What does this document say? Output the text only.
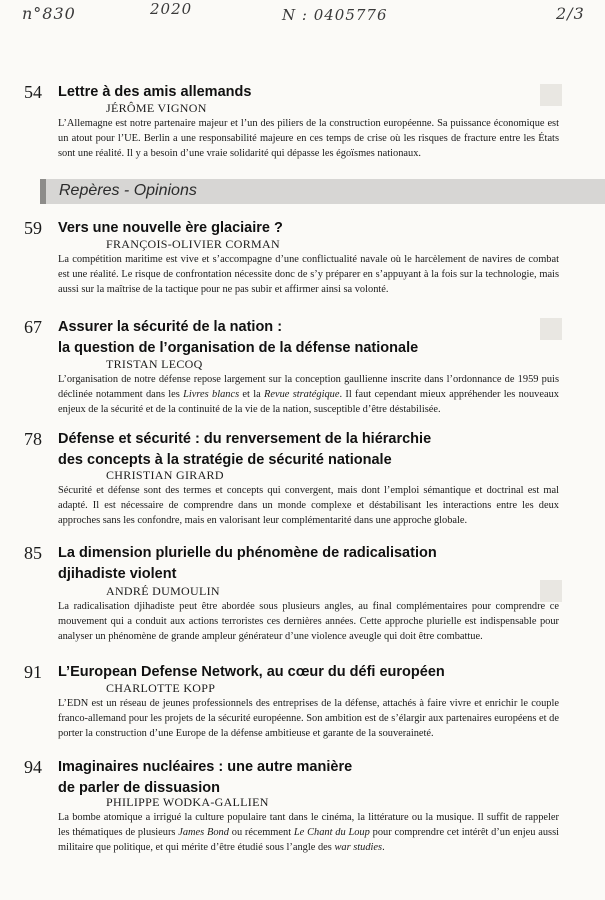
n°830	2020	N : 0405776	2/3
54 Lettre à des amis allemands
JÉRÔME VIGNON

L’Allemagne est notre partenaire majeur et l’un des piliers de la construction européenne. Sa puissance économique est un atout pour l’UE. Berlin a une responsabilité majeure en ces temps de crise où les risques de fracture entre les États sont une réalité. Il y a besoin d’une vraie solidarité qui dépasse les égoïsmes nationaux.

Repères - Opinions
59 Vers une nouvelle ère glaciaire ?
FRANÇOIS-OLIVIER CORMAN

La compétition maritime est vive et s’accompagne d’une conflictualité navale où le harcèlement de navires de combat est une réalité. Le risque de confrontation nécessite donc de s’y préparer en s’appuyant à la fois sur la technologie, mais aussi sur la maîtrise de la tactique pour ne pas subir et affirmer ainsi sa volonté.

67 Assurer la sécurité de la nation :
la question de l’organisation de la défense nationale
TRISTAN LECOQ

L’organisation de notre défense repose largement sur la conception gaullienne inscrite dans l’ordonnance de 1959 puis déclinée notamment dans les Livres blancs et la Revue stratégique. Il faut cependant mieux appréhender les nouveaux enjeux de la sécurité et de la continuité de la vie de la nation, susceptible d’être déstabilisée.

78 Défense et sécurité : du renversement de la hiérarchie
des concepts à la stratégie de sécurité nationale
CHRISTIAN GIRARD

Sécurité et défense sont des termes et concepts qui convergent, mais dont l’emploi sémantique et doctrinal est mal adapté. Il est nécessaire de comprendre dans un monde complexe et déstabilisant les interactions entre les deux approches sans les confondre, mais en valorisant leur complémentarité dans une approche globale.

85 La dimension plurielle du phénomène de radicalisation
djihadiste violent
ANDRÉ DUMOULIN

La radicalisation djihadiste peut être abordée sous plusieurs angles, au final complémentaires pour comprendre ce mouvement qui a conduit aux actions terroristes ces dernières années. Cette approche plurielle est indispensable pour analyser un phénomène de grande ampleur générateur d’une violence aveugle qui doit être combattue.

91 L’European Defense Network, au cœur du défi européen
CHARLOTTE KOPP

L’EDN est un réseau de jeunes professionnels des entreprises de la défense, attachés à faire vivre et enrichir le couple franco-allemand pour les projets de la sécurité européenne. Son ambition est de s’élargir aux partenaires européens et de porter la construction d’une Europe de la défense ambitieuse et garante de la souveraineté.

94 Imaginaires nucléaires : une autre manière
de parler de dissuasion
PHILIPPE WODKA-GALLIEN

La bombe atomique a irrigué la culture populaire tant dans le cinéma, la littérature ou la musique. Il suffit de rappeler les thématiques de plusieurs James Bond ou récemment Le Chant du Loup pour comprendre cet intérêt d’un enjeu aussi militaire que politique, et qui mérite d’être étudié sous l’angle des war studies.
